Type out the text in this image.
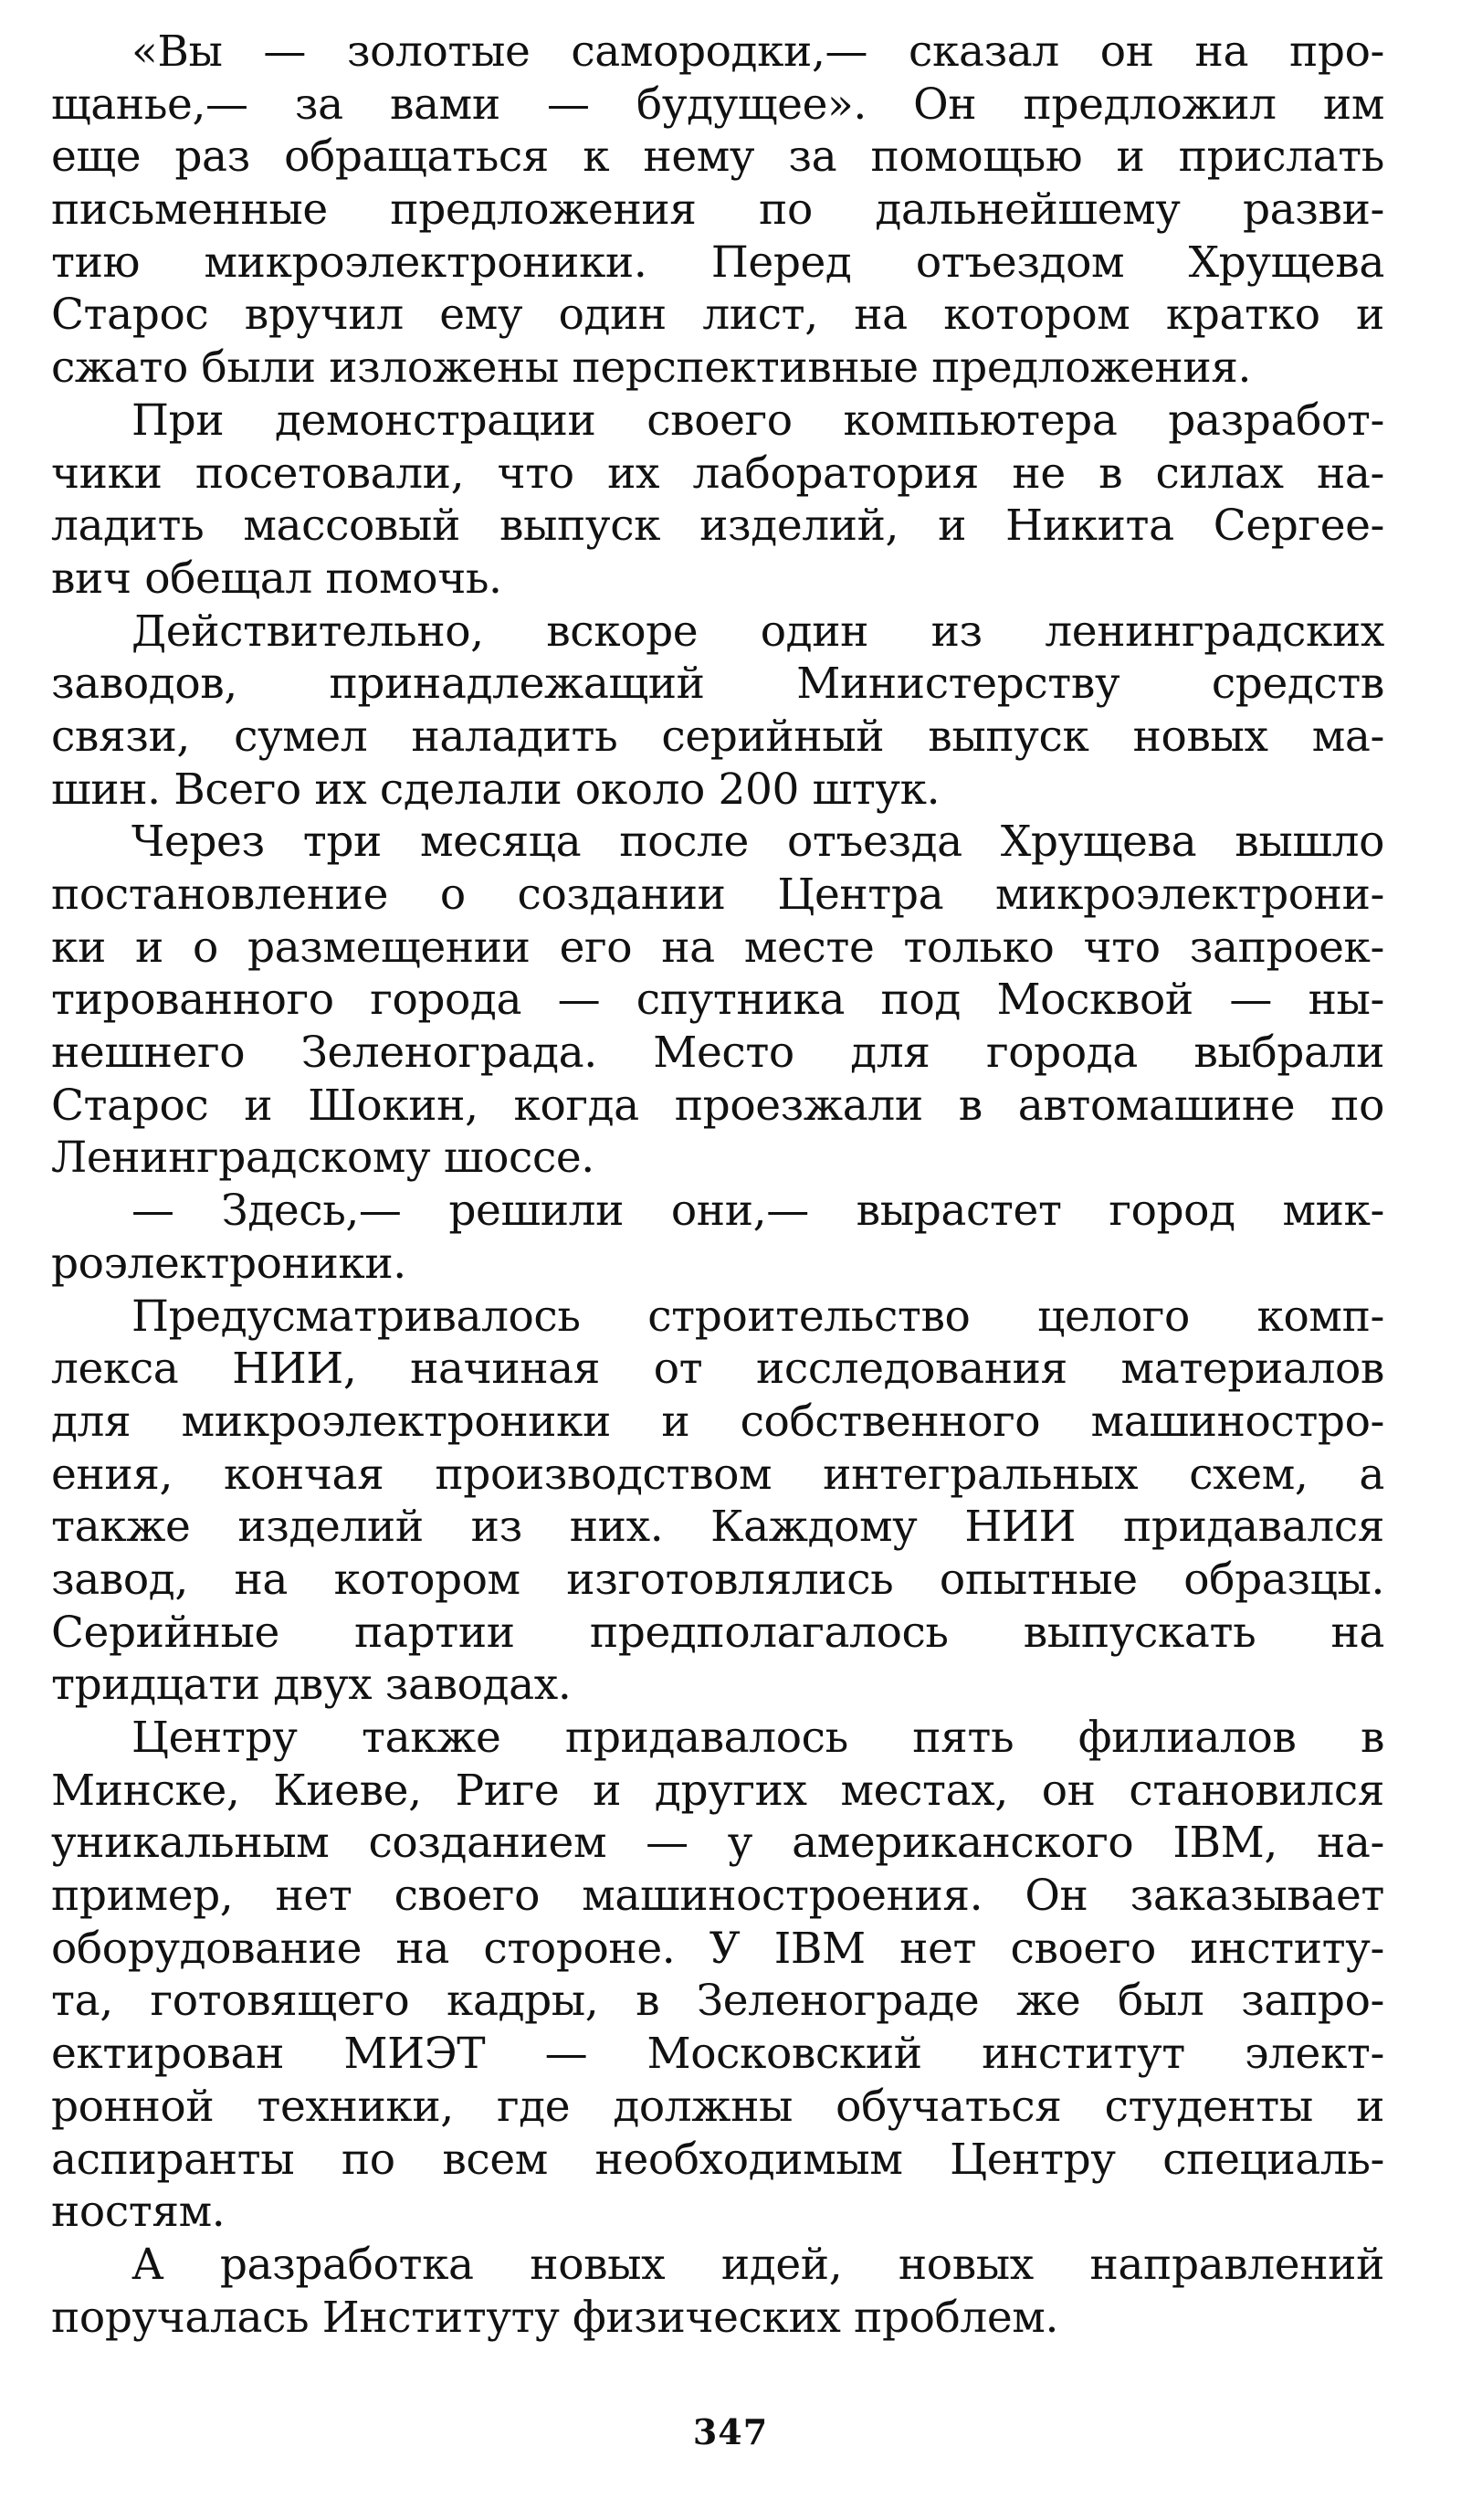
«Вы — золотые самородки,— сказал он на про-
щанье,— за вами — будущее». Он предложил им
еще раз обращаться к нему за помощью и прислать
письменные предложения по дальнейшему разви-
тию микроэлектроники. Перед отъездом Хрущева
Старос вручил ему один лист, на котором кратко и
сжато были изложены перспективные предложения.
При демонстрации своего компьютера разработ-
чики посетовали, что их лаборатория не в силах на-
ладить массовый выпуск изделий, и Никита Сергее-
вич обещал помочь.
Действительно, вскоре один из ленинградских
заводов, принадлежащий Министерству средств
связи, сумел наладить серийный выпуск новых ма-
шин. Всего их сделали около 200 штук.
Через три месяца после отъезда Хрущева вышло
постановление о создании Центра микроэлектрони-
ки и о размещении его на месте только что запроек-
тированного города — спутника под Москвой — ны-
нешнего Зеленограда. Место для города выбрали
Старос и Шокин, когда проезжали в автомашине по
Ленинградскому шоссе.
— Здесь,— решили они,— вырастет город мик-
роэлектроники.
Предусматривалось строительство целого комп-
лекса НИИ, начиная от исследования материалов
для микроэлектроники и собственного машиностро-
ения, кончая производством интегральных схем, а
также изделий из них. Каждому НИИ придавался
завод, на котором изготовлялись опытные образцы.
Серийные партии предполагалось выпускать на
тридцати двух заводах.
Центру также придавалось пять филиалов в
Минске, Киеве, Риге и других местах, он становился
уникальным созданием — у американского IBM, на-
пример, нет своего машиностроения. Он заказывает
оборудование на стороне. У IBM нет своего институ-
та, готовящего кадры, в Зеленограде же был запро-
ектирован МИЭТ — Московский институт элект-
ронной техники, где должны обучаться студенты и
аспиранты по всем необходимым Центру специаль-
ностям.
А разработка новых идей, новых направлений
поручалась Институту физических проблем.
347
